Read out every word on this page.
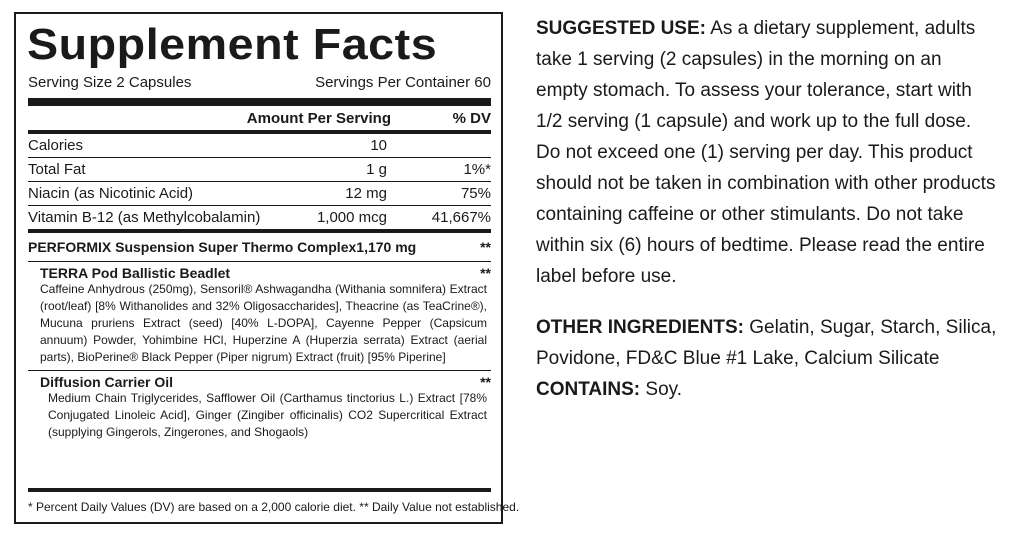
Supplement Facts
Serving Size 2 Capsules	Servings Per Container 60
Amount Per Serving	% DV
Calories	10
Total Fat	1 g	1%*
Niacin (as Nicotinic Acid)	12 mg	75%
Vitamin B-12 (as Methylcobalamin)	1,000 mcg	41,667%
PERFORMIX Suspension Super Thermo Complex 1,170 mg	**
TERRA Pod Ballistic Beadlet	**
Caffeine Anhydrous (250mg), Sensoril® Ashwagandha (Withania somnifera) Extract (root/leaf) [8% Withanolides and 32% Oligosaccharides], Theacrine (as TeaCrine®), Mucuna pruriens Extract (seed) [40% L-DOPA], Cayenne Pepper (Capsicum annuum) Powder, Yohimbine HCl, Huperzine A (Huperzia serrata) Extract (aerial parts), BioPerine® Black Pepper (Piper nigrum) Extract (fruit) [95% Piperine]
Diffusion Carrier Oil	**
Medium Chain Triglycerides, Safflower Oil (Carthamus tinctorius L.) Extract [78% Conjugated Linoleic Acid], Ginger (Zingiber officinalis) CO2 Supercritical Extract (supplying Gingerols, Zingerones, and Shogaols)
* Percent Daily Values (DV) are based on a 2,000 calorie diet. ** Daily Value not established.

SUGGESTED USE: As a dietary supplement, adults take 1 serving (2 capsules) in the morning on an empty stomach. To assess your tolerance, start with 1/2 serving (1 capsule) and work up to the full dose. Do not exceed one (1) serving per day. This product should not be taken in combination with other products containing caffeine or other stimulants. Do not take within six (6) hours of bedtime. Please read the entire label before use.

OTHER INGREDIENTS: Gelatin, Sugar, Starch, Silica, Povidone, FD&C Blue #1 Lake, Calcium Silicate

CONTAINS: Soy.
